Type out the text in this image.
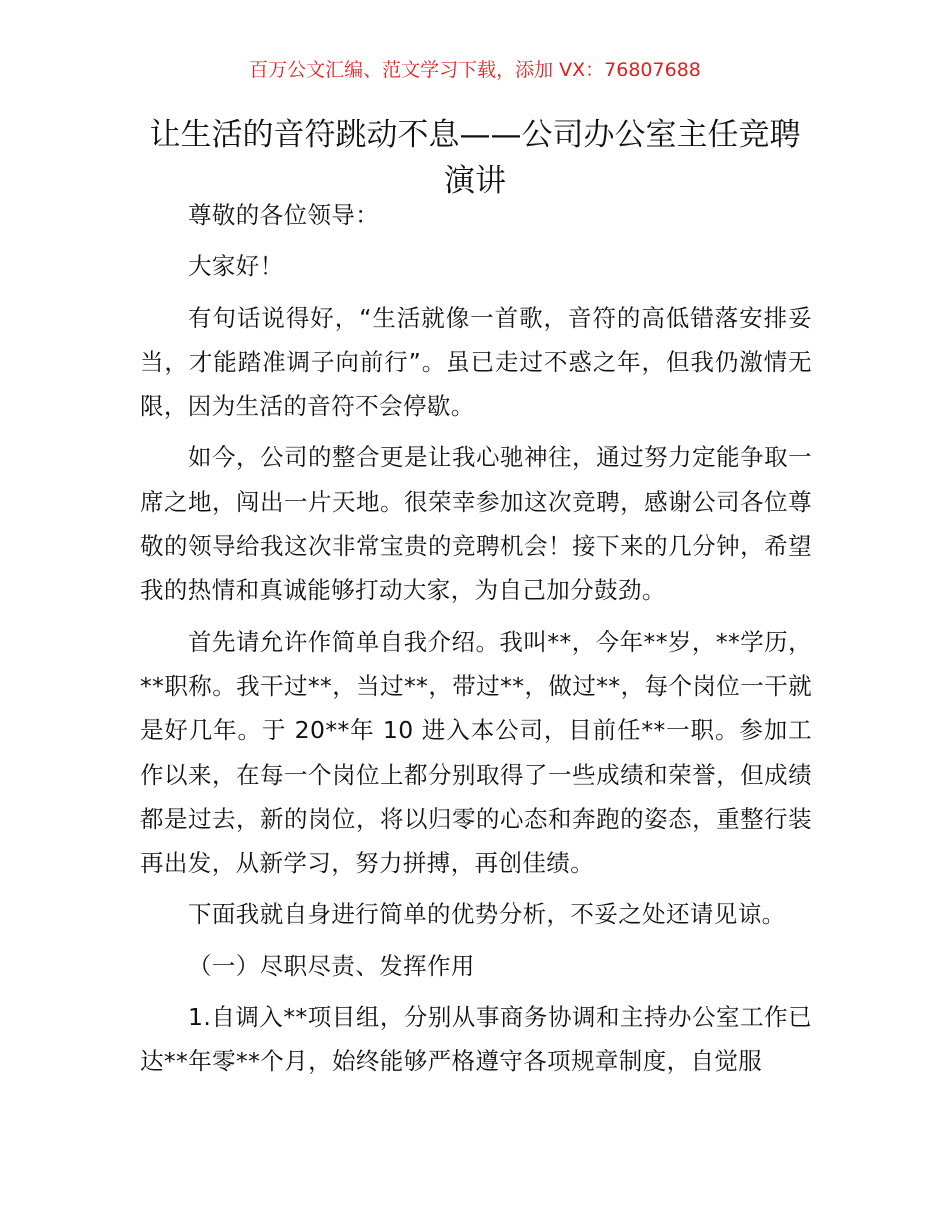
百万公文汇编、范文学习下载，添加 VX：76807688
让生活的音符跳动不息——公司办公室主任竞聘演讲

尊敬的各位领导：

大家好！

有句话说得好，“生活就像一首歌，音符的高低错落安排妥当，才能踏准调子向前行”。虽已走过不惑之年，但我仍激情无限，因为生活的音符不会停歇。

如今，公司的整合更是让我心驰神往，通过努力定能争取一席之地，闯出一片天地。很荣幸参加这次竞聘，感谢公司各位尊敬的领导给我这次非常宝贵的竞聘机会！接下来的几分钟，希望我的热情和真诚能够打动大家，为自己加分鼓劲。

首先请允许作简单自我介绍。我叫**，今年**岁，**学历，**职称。我干过**，当过**，带过**，做过**，每个岗位一干就是好几年。于 20**年 10 进入本公司，目前任**一职。参加工作以来，在每一个岗位上都分别取得了一些成绩和荣誉，但成绩都是过去，新的岗位，将以归零的心态和奔跑的姿态，重整行装再出发，从新学习，努力拼搏，再创佳绩。

下面我就自身进行简单的优势分析，不妥之处还请见谅。

（一）尽职尽责、发挥作用

1.自调入**项目组，分别从事商务协调和主持办公室工作已达**年零**个月，始终能够严格遵守各项规章制度，自觉服
